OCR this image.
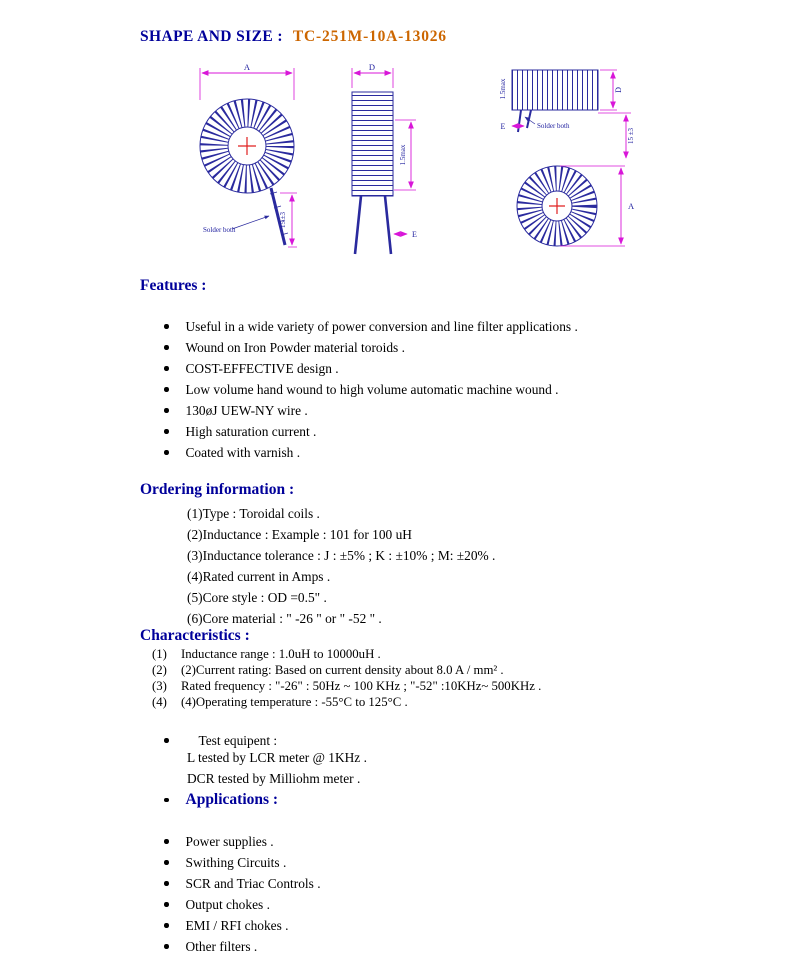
SHAPE AND SIZE : TC-251M-10A-13026
A
15 ±3
Solder both
D
1.5max
E
1.5max	D
E	Solder both
15 ±3
A
Features :
Useful in a wide variety of power conversion and line filter applications .
Wound on Iron Powder material toroids .
COST-EFFECTIVE design .
Low volume hand wound to high volume automatic machine wound .
130øJ UEW-NY wire .
High saturation current .
Coated with varnish .
Ordering information :
(1)Type : Toroidal coils .
(2)Inductance : Example : 101 for 100 uH
(3)Inductance tolerance : J : ±5% ; K : ±10% ; M: ±20% .
(4)Rated current in Amps .
(5)Core style : OD =0.5" .
(6)Core material : " -26 " or " -52 " .
Characteristics :
(1)	Inductance range : 1.0uH to 10000uH .
(2)	(2)Current rating: Based on current density about 8.0 A / mm² .
(3)	Rated frequency : "-26" : 50Hz ~ 100 KHz ; "-52" :10KHz~ 500KHz .
(4)	(4)Operating temperature : -55°C to 125°C .
Test equipent :
L tested by LCR meter @ 1KHz .
DCR tested by Milliohm meter .
Applications :
Power supplies .
Swithing Circuits .
SCR and Triac Controls .
Output chokes .
EMI / RFI chokes .
Other filters .
